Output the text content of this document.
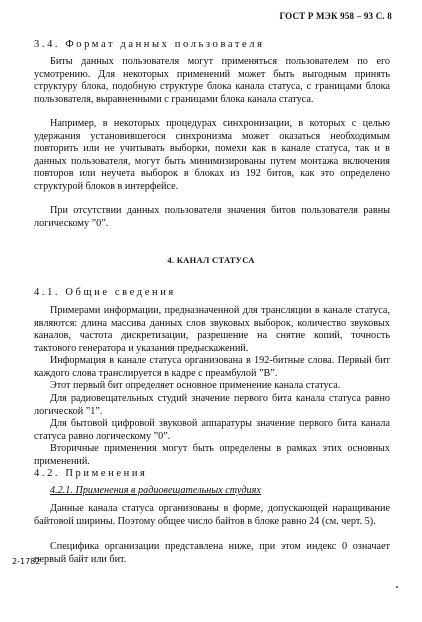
ГОСТ Р МЭК 958 – 93 С. 8

3.4. Формат данных пользователя

Биты данных пользователя могут применяться пользователем по его усмотрению. Для некоторых применений может быть выгодным принять структуру блока, подобную структуре блока канала статуса, с границами блока пользователя, выравненными с границами блока канала статуса.

Например, в некоторых процедурах синхронизации, в которых с целью удержания установившегося синхронизма может оказаться необходимым повторить или не учитывать выборки, помехи как в канале статуса, так и в данных пользователя, могут быть минимизированы путем монтажа включения повторов или неучета выборок в блоках из 192 битов, как это определено структурой блоков в интерфейсе.

При отсутствии данных пользователя значения битов пользователя равны логическому ”0”.

4. КАНАЛ СТАТУСА

4.1. Общие сведения

Примерами информации, предназначенной для трансляции в канале статуса, являются: длина массива данных слов звуковых выборок, количество звуковых каналов, частота дискретизации, разрешение на снятие копий, точность тактового генератора и указания предыскажений.

Информация в канале статуса организована в 192-битные слова. Первый бит каждого слова транслируется в кадре с преамбулой ”B”.

Этот первый бит определяет основное применение канала статуса.

Для радиовещательных студий значение первого бита канала статуса равно логической ”1”.

Для бытовой цифровой звуковой аппаратуры значение первого бита канала статуса равно логическому ”0”.

Вторичные применения могут быть определены в рамках этих основных применений.

4.2. Применения

4.2.1. Применения в радиовещательных студиях

Данные канала статуса организованы в форме, допускающей наращивание байтовой ширины. Поэтому общее число байтов в блоке равно 24 (см. черт. 5).

Специфика организации представлена ниже, при этом индекс 0 означает первый байт или бит.

2-1782
